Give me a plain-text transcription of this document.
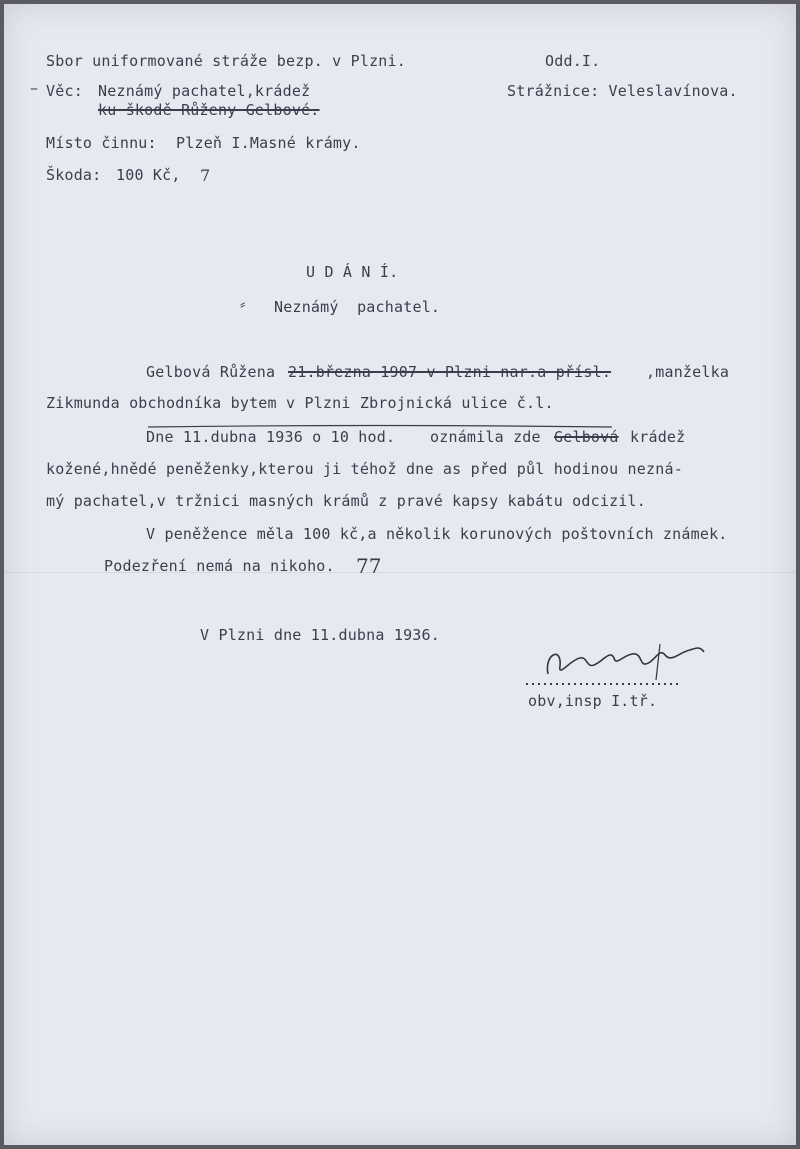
Sbor uniformované stráže bezp. v Plzni.	Odd.I.
– Věc: Neznámý pachatel,krádež
ku škodě Růženy Gelbové.
Strážnice: Veleslavínova.
Místo činnu: Plzeň I.Masné krámy.
Škoda: 100 Kč, 7
U D Á N Í.
⸗ Neznámý  pachatel.
Gelbová Růžena 21.března 1907 v Plzni nar.a přísl. ,manželka
Zikmunda obchodníka bytem v Plzni Zbrojnická ulice č.l.
Dne 11.dubna 1936 o 10 hod. oznámila zde Gelbová krádež
kožené,hnědé peněženky,kterou ji téhož dne as před půl hodinou nezná-
mý pachatel,v tržnici masných krámů z pravé kapsy kabátu odcizil.
V peněžence měla 100 kč,a několik korunových poštovních známek.
Podezření nemá na nikoho. 77
V Plzni dne 11.dubna 1936.
obv,insp I.tř.
